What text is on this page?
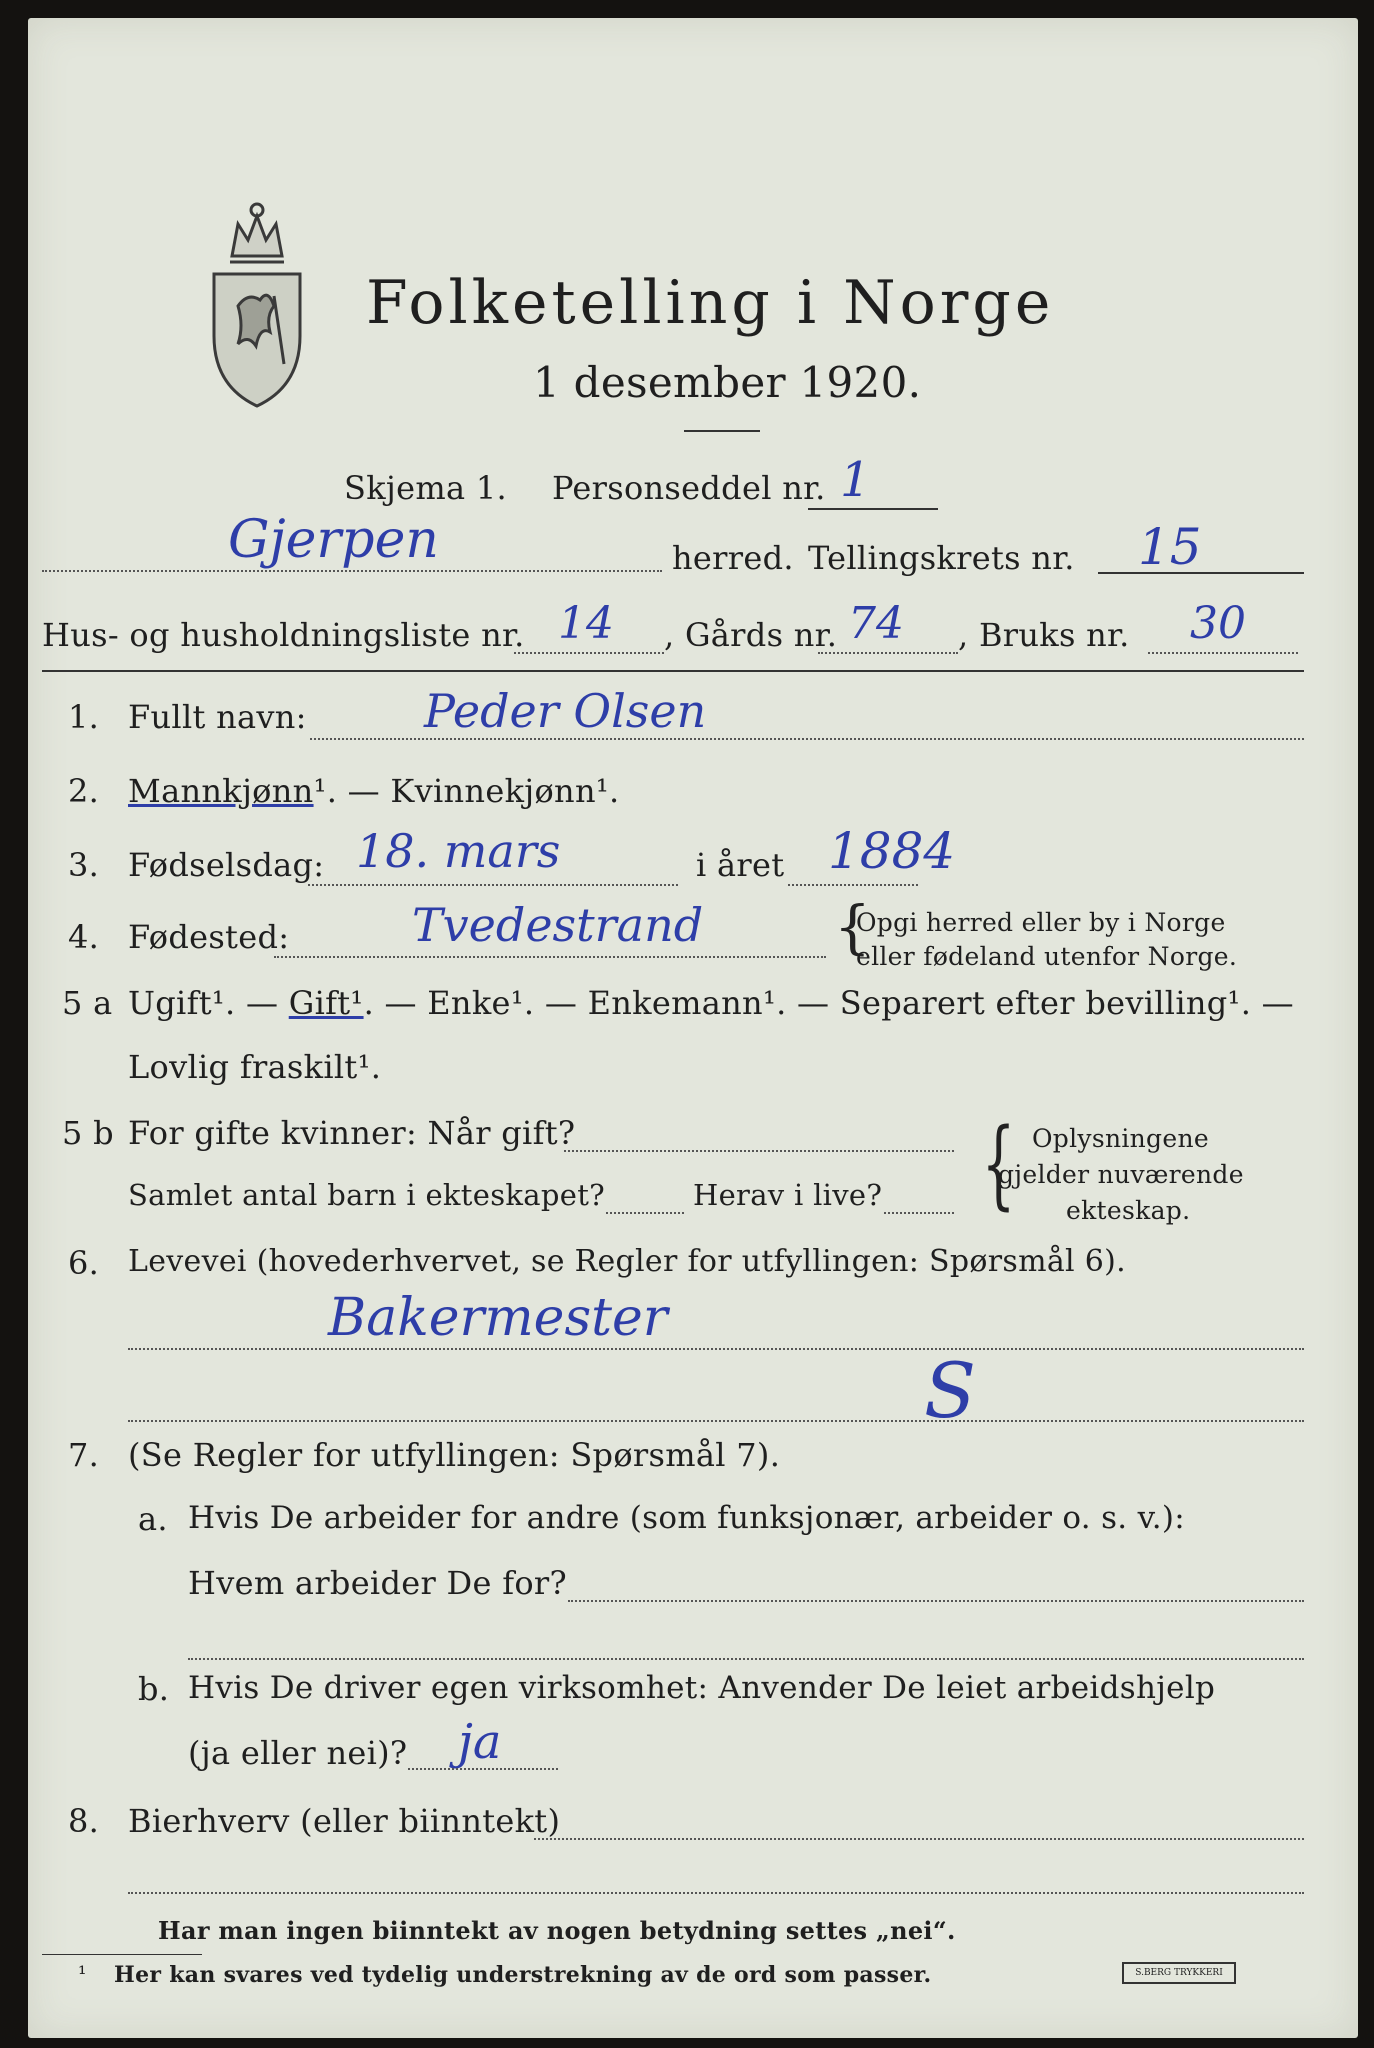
Folketelling i Norge
1 desember 1920.
Skjema 1. Personseddel nr. 1
Gjerpen	herred. Tellingskrets nr. 15
Hus- og husholdningsliste nr. 14 , Gårds nr. 74 , Bruks nr. 30
1. Fullt navn:	Peder Olsen
2. Mannkjønn¹. — Kvinnekjønn¹.
3. Fødselsdag: 18. mars	i året 1884
4. Fødested:	Tvedestrand {
Opgi herred eller by i Norge
eller fødeland utenfor Norge.
5 a Ugift¹. — Gift¹. — Enke¹. — Enkemann¹. — Separert efter bevilling¹. —
Lovlig fraskilt¹.
5 b For gifte kvinner: Når gift?
Samlet antal barn i ekteskapet?	Herav i live? { Oplysningene
gjelder nuværende
ekteskap.
6. Levevei (hovederhvervet, se Regler for utfyllingen: Spørsmål 6).
Bakermester
S
7. (Se Regler for utfyllingen: Spørsmål 7).
a. Hvis De arbeider for andre (som funksjonær, arbeider o. s. v.):
Hvem arbeider De for?
b. Hvis De driver egen virksomhet: Anvender De leiet arbeidshjelp
(ja eller nei)? ja
8. Bierhverv (eller biinntekt)
Har man ingen biinntekt av nogen betydning settes „nei“.
¹ Her kan svares ved tydelig understrekning av de ord som passer.	S.BERG TRYKKERI
